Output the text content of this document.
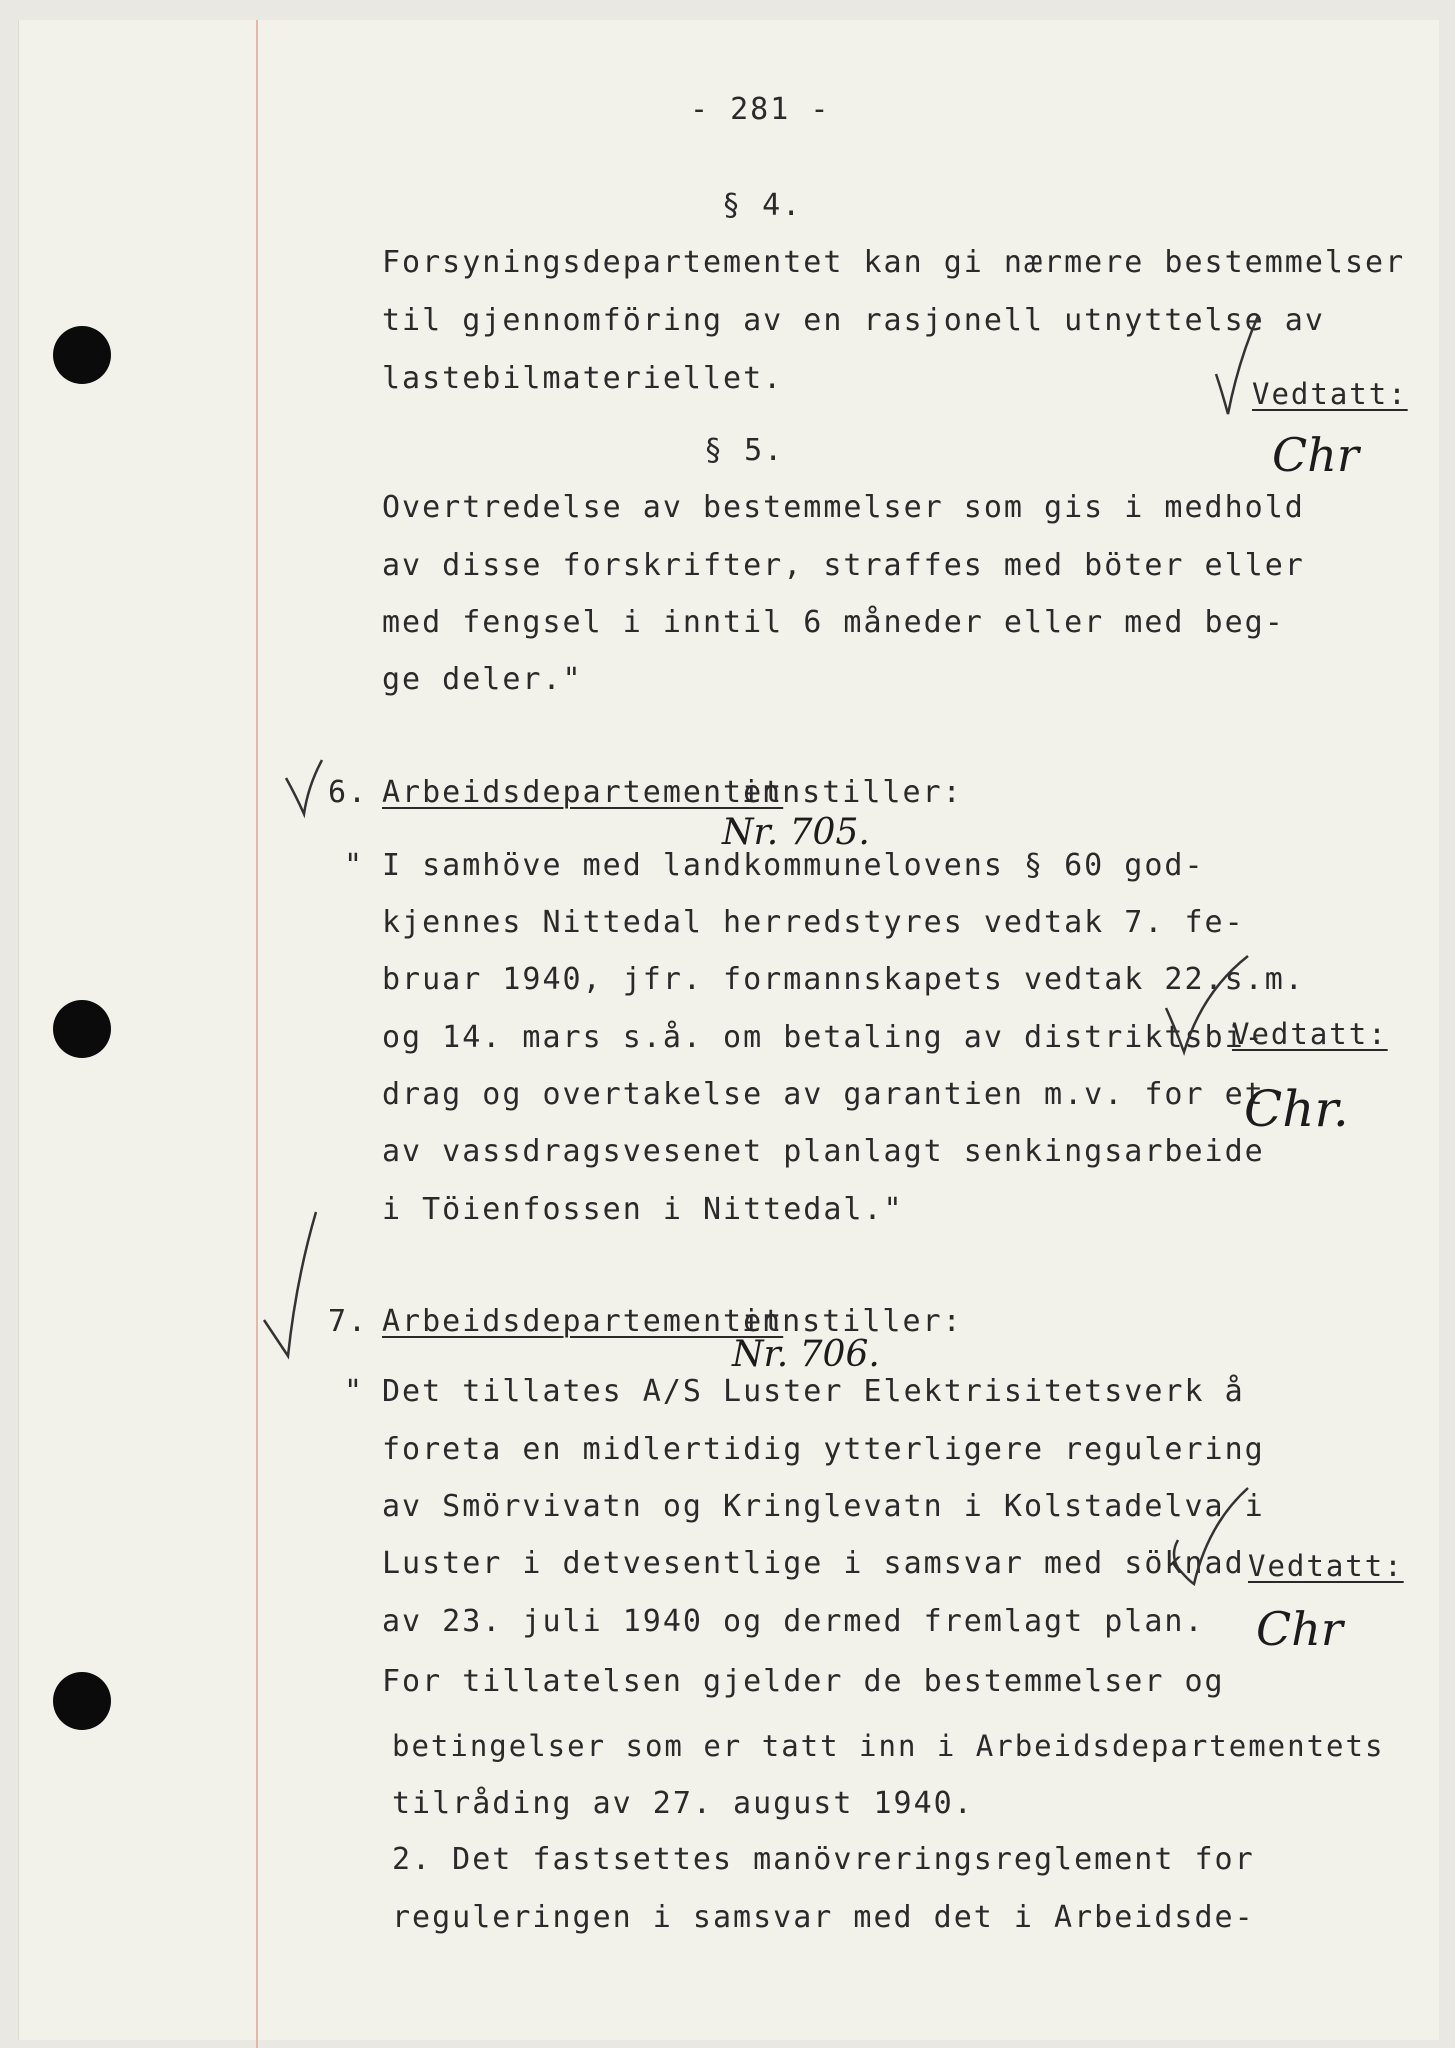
- 281 -
§ 4.
Forsyningsdepartementet kan gi nærmere bestemmelser
til gjennomföring av en rasjonell utnyttelse av
lastebilmateriellet.
§ 5.
Overtredelse av bestemmelser som gis i medhold
av disse forskrifter, straffes med böter eller
med fengsel i inntil 6 måneder eller med beg-
ge deler."
Vedtatt:
Chr
6. Arbeidsdepartementet
innstiller:
Nr. 705.
" I samhöve med landkommunelovens § 60 god-
kjennes Nittedal herredstyres vedtak 7. fe-
bruar 1940, jfr. formannskapets vedtak 22.s.m.
og 14. mars s.å. om betaling av distriktsbi-
drag og overtakelse av garantien m.v. for et
av vassdragsvesenet planlagt senkingsarbeide
i Töienfossen i Nittedal."
Vedtatt:
Chr.
7. Arbeidsdepartementet
innstiller:
Nr. 706.
" Det tillates A/S Luster Elektrisitetsverk å
foreta en midlertidig ytterligere regulering
av Smörvivatn og Kringlevatn i Kolstadelva i
Luster i detvesentlige i samsvar med söknad
av 23. juli 1940 og dermed fremlagt plan.
For tillatelsen gjelder de bestemmelser og
betingelser som er tatt inn i Arbeidsdepartementets
tilråding av 27. august 1940.
2. Det fastsettes manövreringsreglement for
reguleringen i samsvar med det i Arbeidsde-
Vedtatt:
Chr
